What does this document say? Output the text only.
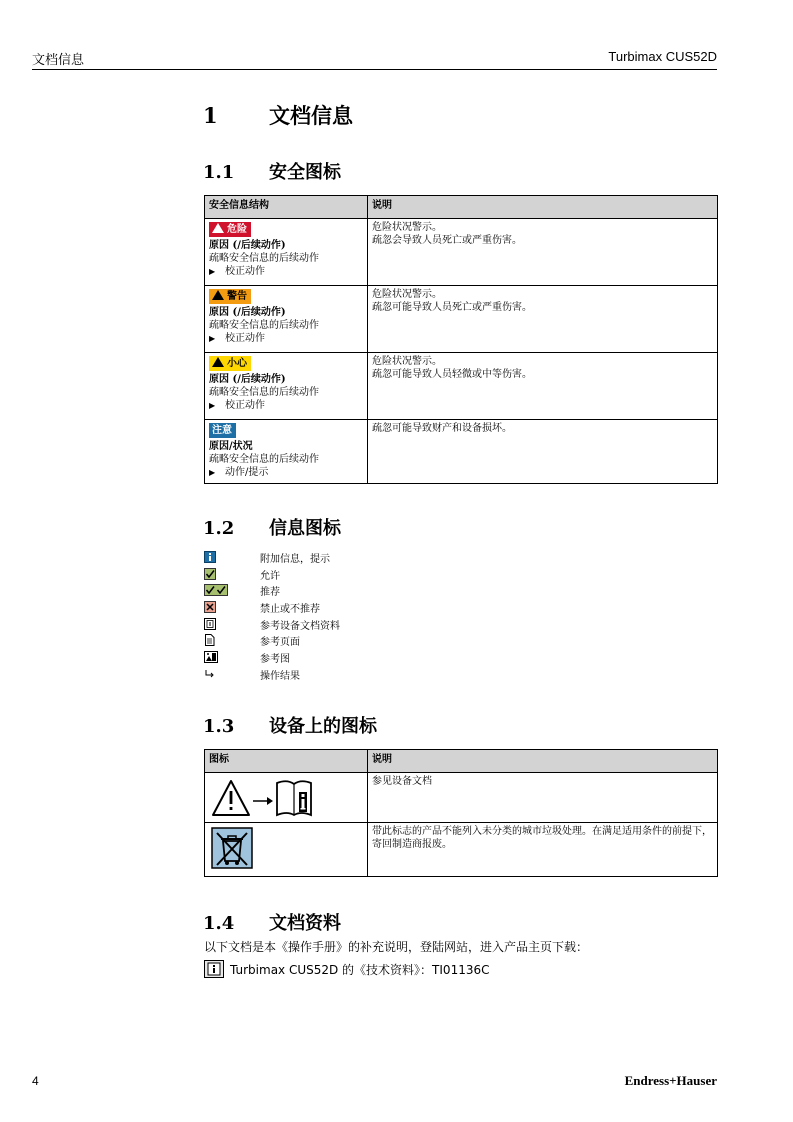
文档信息	Turbimax CUS52D
1 文档信息
1.1 安全图标
安全信息结构	说明
危险
原因 (/后续动作)
疏略安全信息的后续动作
▶ 校正动作	危险状况警示。
疏忽会导致人员死亡或严重伤害。
警告
原因 (/后续动作)
疏略安全信息的后续动作
▶ 校正动作	危险状况警示。
疏忽可能导致人员死亡或严重伤害。
小心
原因 (/后续动作)
疏略安全信息的后续动作
▶ 校正动作	危险状况警示。
疏忽可能导致人员轻微或中等伤害。
注意
原因/状况
疏略安全信息的后续动作
▶ 动作/提示	疏忽可能导致财产和设备损坏。
1.2 信息图标
附加信息，提示
允许
推荐
禁止或不推荐
参考设备文档资料
参考页面
参考图
操作结果
1.3 设备上的图标
图标	说明

	参见设备文档

	带此标志的产品不能列入未分类的城市垃圾处理。在满足适用条件的前提下，寄回制造商报废。
1.4 文档资料
以下文档是本《操作手册》的补充说明，登陆网站，进入产品主页下载：
Turbimax CUS52D 的《技术资料》：TI01136C
4	Endress+Hauser
